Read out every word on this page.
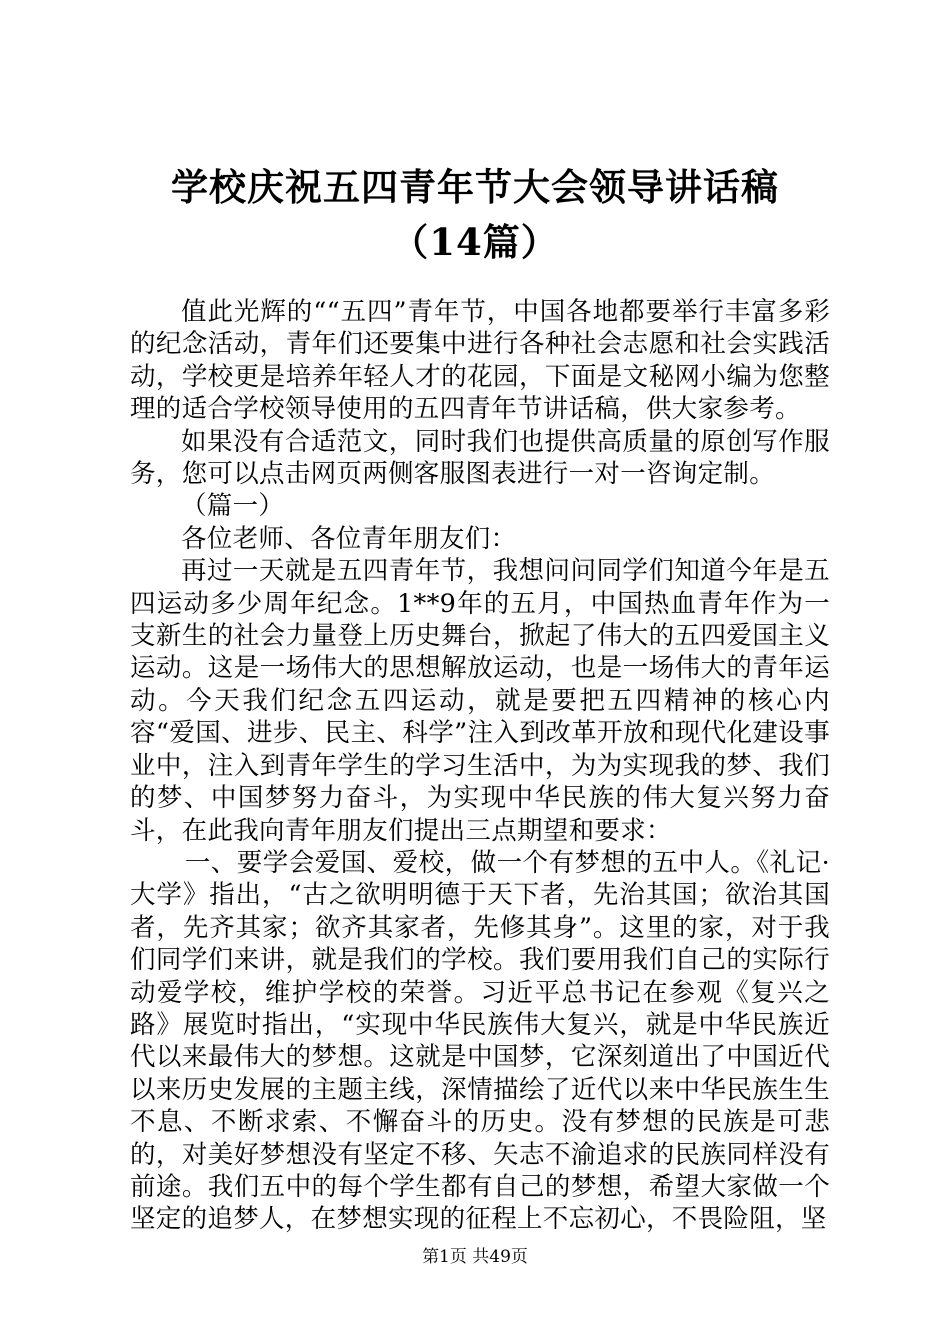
学校庆祝五四青年节大会领导讲话稿（14篇）

值此光辉的““五四”青年节，中国各地都要举行丰富多彩的纪念活动，青年们还要集中进行各种社会志愿和社会实践活动，学校更是培养年轻人才的花园，下面是文秘网小编为您整理的适合学校领导使用的五四青年节讲话稿，供大家参考。

如果没有合适范文，同时我们也提供高质量的原创写作服务，您可以点击网页两侧客服图表进行一对一咨询定制。

（篇一）

各位老师、各位青年朋友们：

再过一天就是五四青年节，我想问问同学们知道今年是五四运动多少周年纪念。1**9年的五月，中国热血青年作为一支新生的社会力量登上历史舞台，掀起了伟大的五四爱国主义运动。这是一场伟大的思想解放运动，也是一场伟大的青年运动。今天我们纪念五四运动，就是要把五四精神的核心内容“爱国、进步、民主、科学”注入到改革开放和现代化建设事业中，注入到青年学生的学习生活中，为为实现我的梦、我们的梦、中国梦努力奋斗，为实现中华民族的伟大复兴努力奋斗，在此我向青年朋友们提出三点期望和要求：

一、要学会爱国、爱校，做一个有梦想的五中人。《礼记·大学》指出，“古之欲明明德于天下者，先治其国；欲治其国者，先齐其家；欲齐其家者，先修其身”。这里的家，对于我们同学们来讲，就是我们的学校。我们要用我们自己的实际行动爱学校，维护学校的荣誉。习近平总书记在参观《复兴之路》展览时指出，“实现中华民族伟大复兴，就是中华民族近代以来最伟大的梦想。这就是中国梦，它深刻道出了中国近代以来历史发展的主题主线，深情描绘了近代以来中华民族生生不息、不断求索、不懈奋斗的历史。没有梦想的民族是可悲的，对美好梦想没有坚定不移、矢志不渝追求的民族同样没有前途。我们五中的每个学生都有自己的梦想，希望大家做一个坚定的追梦人，在梦想实现的征程上不忘初心，不畏险阻，坚

第1页 共49页
